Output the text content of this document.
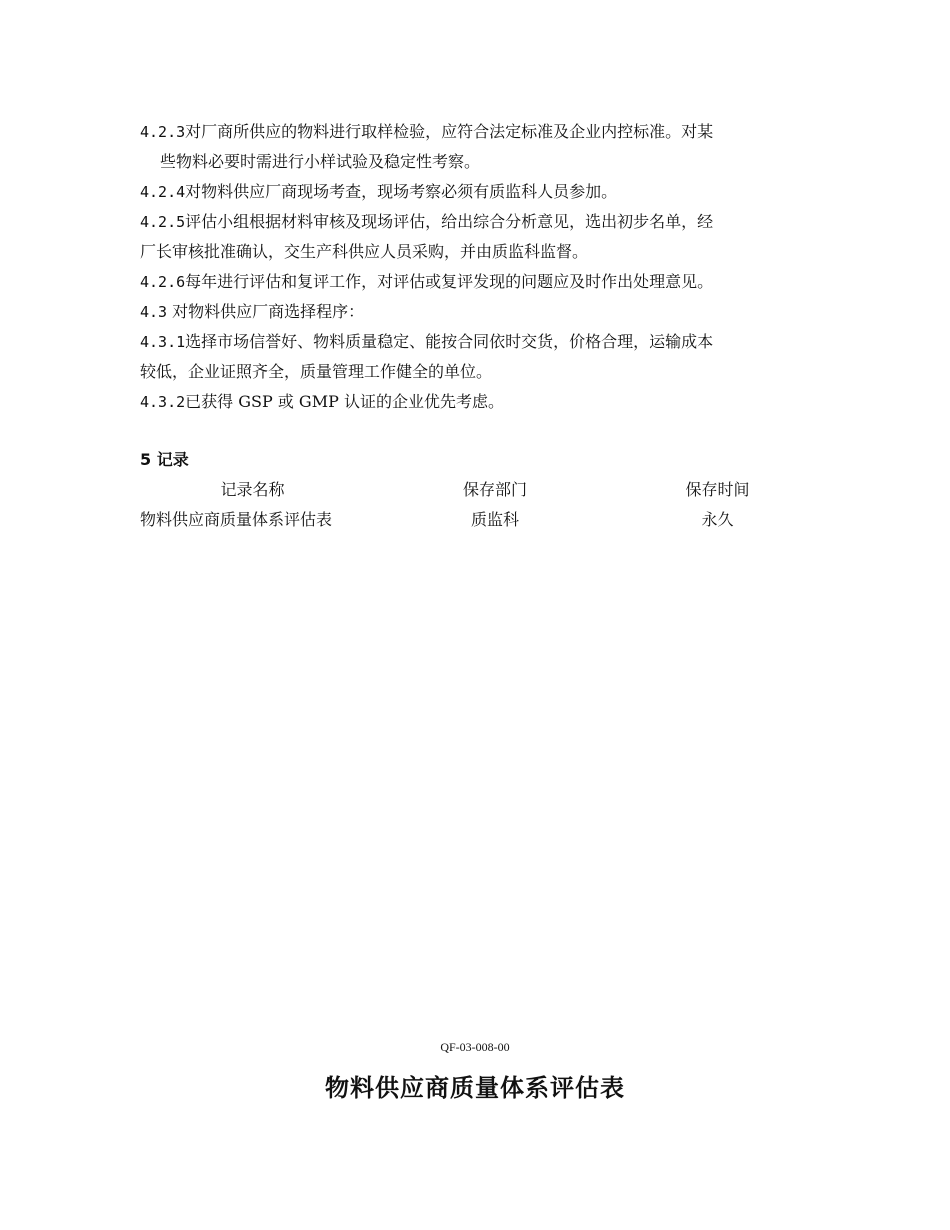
4.2.3对厂商所供应的物料进行取样检验，应符合法定标准及企业内控标准。对某
些物料必要时需进行小样试验及稳定性考察。

4.2.4对物料供应厂商现场考查，现场考察必须有质监科人员参加。

4.2.5评估小组根据材料审核及现场评估，给出综合分析意见，选出初步名单，经
厂长审核批准确认，交生产科供应人员采购，并由质监科监督。

4.2.6每年进行评估和复评工作，对评估或复评发现的问题应及时作出处理意见。

4.3 对物料供应厂商选择程序：

4.3.1选择市场信誉好、物料质量稳定、能按合同依时交货，价格合理，运输成本
较低，企业证照齐全，质量管理工作健全的单位。

4.3.2已获得 GSP 或 GMP 认证的企业优先考虑。

5 记录
记录名称	保存部门	保存时间
物料供应商质量体系评估表	质监科	永久
QF-03-008-00
物料供应商质量体系评估表
